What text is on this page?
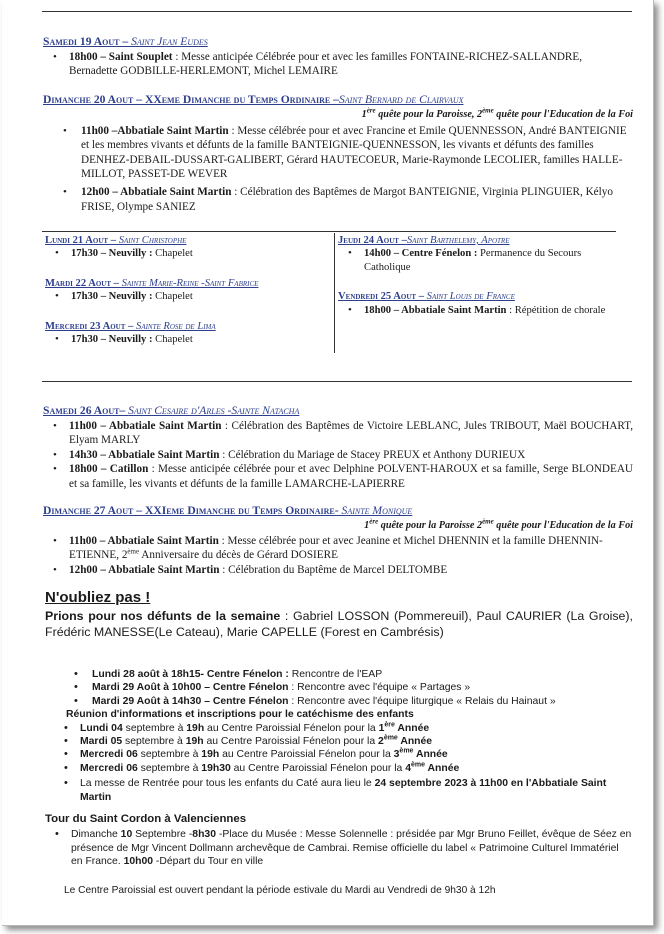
Samedi 19 Aout – Saint Jean Eudes
• 18h00 – Saint Souplet : Messe anticipée Célébrée pour et avec les familles FONTAINE-RICHEZ-SALLANDRE, Bernadette GODBILLE-HERLEMONT, Michel LEMAIRE
Dimanche 20 Aout – XXeme Dimanche du Temps Ordinaire –Saint Bernard de Clairvaux
1ère quête pour la Paroisse, 2ème quête pour l'Education de la Foi
• 11h00 –Abbatiale Saint Martin : Messe célébrée pour et avec Francine et Emile QUENNESSON, André BANTEIGNIE et les membres vivants et défunts de la famille BANTEIGNIE-QUENNESSON, les vivants et défunts des familles DENHEZ-DEBAIL-DUSSART-GALIBERT, Gérard HAUTECOEUR, Marie-Raymonde LECOLIER, familles HALLE-MILLOT, PASSET-DE WEVER
• 12h00 – Abbatiale Saint Martin : Célébration des Baptêmes de Margot BANTEIGNIE, Virginia PLINGUIER, Kélyo FRISE, Olympe SANIEZ
Lundi 21 Aout – Saint Christophe
• 17h30 – Neuvilly : Chapelet
Mardi 22 Aout – Sainte Marie-Reine -Saint Fabrice
• 17h30 – Neuvilly : Chapelet
Mercredi 23 Aout – Sainte Rose de Lima
• 17h30 – Neuvilly : Chapelet
Jeudi 24 Aout –Saint Barthelemy, Apotre
• 14h00 – Centre Fénelon : Permanence du Secours Catholique
Vendredi 25 Aout – Saint Louis de France
• 18h00 – Abbatiale Saint Martin : Répétition de chorale
Samedi 26 Aout– Saint Cesaire d'Arles -Sainte Natacha
• 11h00 – Abbatiale Saint Martin : Célébration des Baptêmes de Victoire LEBLANC, Jules TRIBOUT, Maël BOUCHART, Elyam MARLY
• 14h30 – Abbatiale Saint Martin : Célébration du Mariage de Stacey PREUX et Anthony DURIEUX
• 18h00 – Catillon : Messe anticipée célébrée pour et avec Delphine POLVENT-HAROUX et sa famille, Serge BLONDEAU et sa famille, les vivants et défunts de la famille LAMARCHE-LAPIERRE
Dimanche 27 Aout – XXIeme Dimanche du Temps Ordinaire- Sainte Monique
1ère quête pour la Paroisse 2ème quête pour l'Education de la Foi
• 11h00 – Abbatiale Saint Martin : Messe célébrée pour et avec Jeanine et Michel DHENNIN et la famille DHENNIN-ETIENNE, 2ème Anniversaire du décès de Gérard DOSIERE
• 12h00 – Abbatiale Saint Martin : Célébration du Baptême de Marcel DELTOMBE
N'oubliez pas !
Prions pour nos défunts de la semaine : Gabriel LOSSON (Pommereuil), Paul CAURIER (La Groise), Frédéric MANESSE(Le Cateau), Marie CAPELLE (Forest en Cambrésis)
• Lundi 28 août à 18h15- Centre Fénelon : Rencontre de l'EAP
• Mardi 29 Août à 10h00 – Centre Fénelon : Rencontre avec l'équipe « Partages »
• Mardi 29 Août à 14h30 – Centre Fénelon : Rencontre avec l'équipe liturgique « Relais du Hainaut »
Réunion d'informations et inscriptions pour le catéchisme des enfants
• Lundi 04 septembre à 19h au Centre Paroissial Fénelon pour la 1ère Année
• Mardi 05 septembre à 19h au Centre Paroissial Fénelon pour la 2ème Année
• Mercredi 06 septembre à 19h au Centre Paroissial Fénelon pour la 3ème Année
• Mercredi 06 septembre à 19h30 au Centre Paroissial Fénelon pour la 4ème Année
• La messe de Rentrée pour tous les enfants du Caté aura lieu le 24 septembre 2023 à 11h00 en l'Abbatiale Saint Martin
Tour du Saint Cordon à Valenciennes
• Dimanche 10 Septembre -8h30 -Place du Musée : Messe Solennelle : présidée par Mgr Bruno Feillet, évêque de Séez en présence de Mgr Vincent Dollmann archevêque de Cambrai. Remise officielle du label « Patrimoine Culturel Immatériel en France. 10h00 -Départ du Tour en ville
Le Centre Paroissial est ouvert pendant la période estivale du Mardi au Vendredi de 9h30 à 12h
